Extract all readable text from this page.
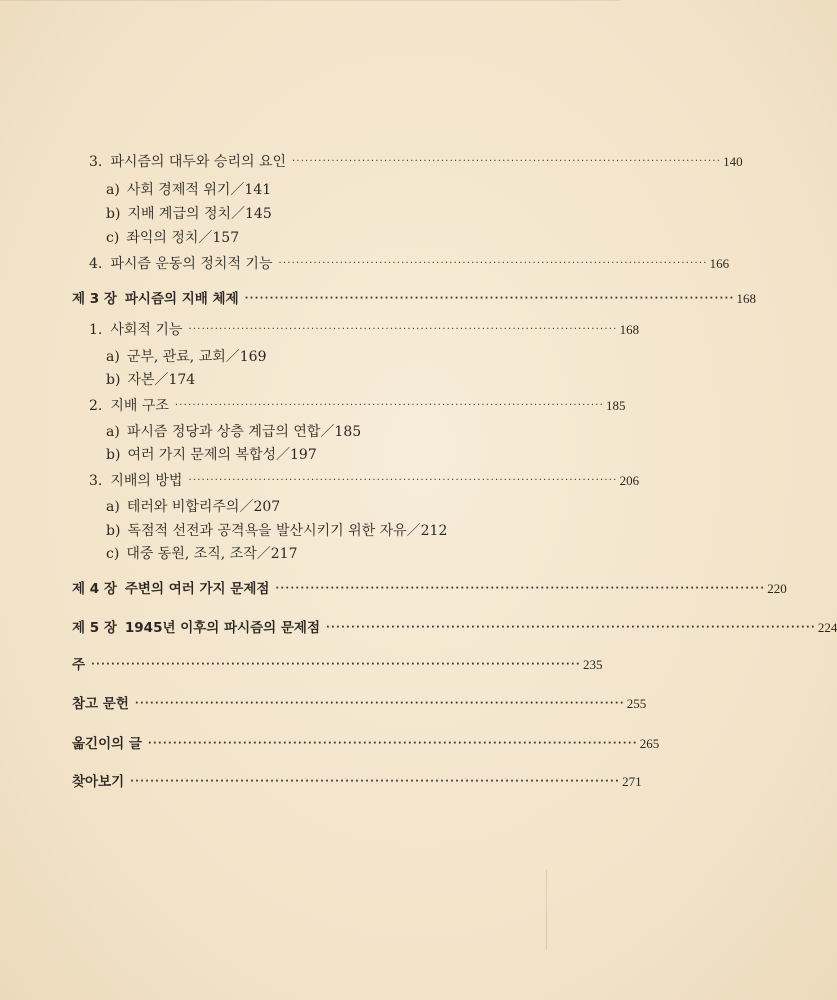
3. 파시즘의 대두와 승리의 요인 ·································································································· 140
a) 사회 경제적 위기／141
b) 지배 계급의 정치／145
c) 좌익의 정치／157
4. 파시즘 운동의 정치적 기능 ·································································································· 166
제 3 장 파시즘의 지배 체제 ·································································································· 168
1. 사회적 기능 ·································································································· 168
a) 군부, 관료, 교회／169
b) 자본／174
2. 지배 구조 ·································································································· 185
a) 파시즘 정당과 상층 계급의 연합／185
b) 여러 가지 문제의 복합성／197
3. 지배의 방법 ·································································································· 206
a) 테러와 비합리주의／207
b) 독점적 선전과 공격욕을 발산시키기 위한 자유／212
c) 대중 동원, 조직, 조작／217
제 4 장 주변의 여러 가지 문제점 ·································································································· 220
제 5 장 1945년 이후의 파시즘의 문제점 ·································································································· 224
주 ·································································································· 235
참고 문헌 ·································································································· 255
옮긴이의 글 ·································································································· 265
찾아보기 ·································································································· 271
